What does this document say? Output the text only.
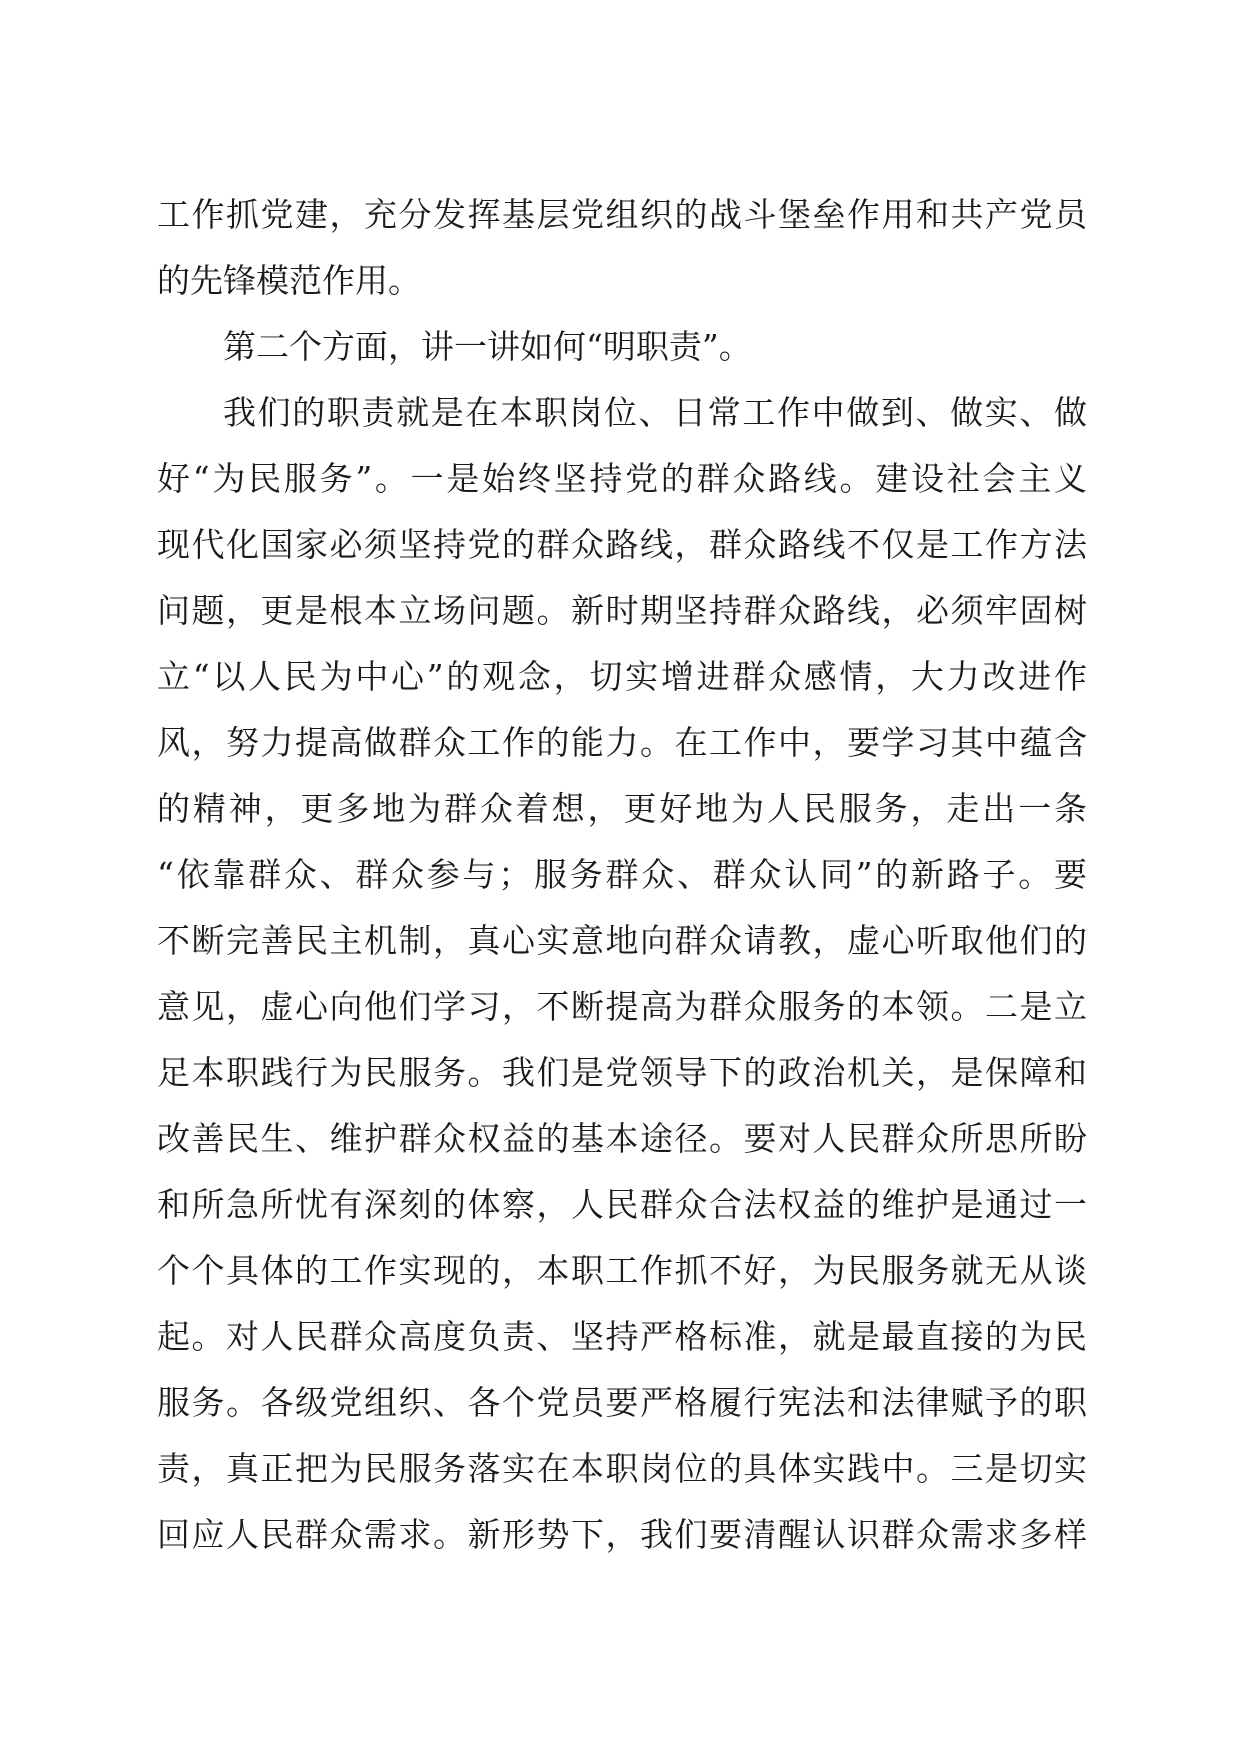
工作抓党建，充分发挥基层党组织的战斗堡垒作用和共产党员
的先锋模范作用。
第二个方面，讲一讲如何“明职责”。
我们的职责就是在本职岗位、日常工作中做到、做实、做
好“为民服务”。一是始终坚持党的群众路线。建设社会主义
现代化国家必须坚持党的群众路线，群众路线不仅是工作方法
问题，更是根本立场问题。新时期坚持群众路线，必须牢固树
立“以人民为中心”的观念，切实增进群众感情，大力改进作
风，努力提高做群众工作的能力。在工作中，要学习其中蕴含
的精神，更多地为群众着想，更好地为人民服务，走出一条
“依靠群众、群众参与；服务群众、群众认同”的新路子。要
不断完善民主机制，真心实意地向群众请教，虚心听取他们的
意见，虚心向他们学习，不断提高为群众服务的本领。二是立
足本职践行为民服务。我们是党领导下的政治机关，是保障和
改善民生、维护群众权益的基本途径。要对人民群众所思所盼
和所急所忧有深刻的体察，人民群众合法权益的维护是通过一
个个具体的工作实现的，本职工作抓不好，为民服务就无从谈
起。对人民群众高度负责、坚持严格标准，就是最直接的为民
服务。各级党组织、各个党员要严格履行宪法和法律赋予的职
责，真正把为民服务落实在本职岗位的具体实践中。三是切实
回应人民群众需求。新形势下，我们要清醒认识群众需求多样
